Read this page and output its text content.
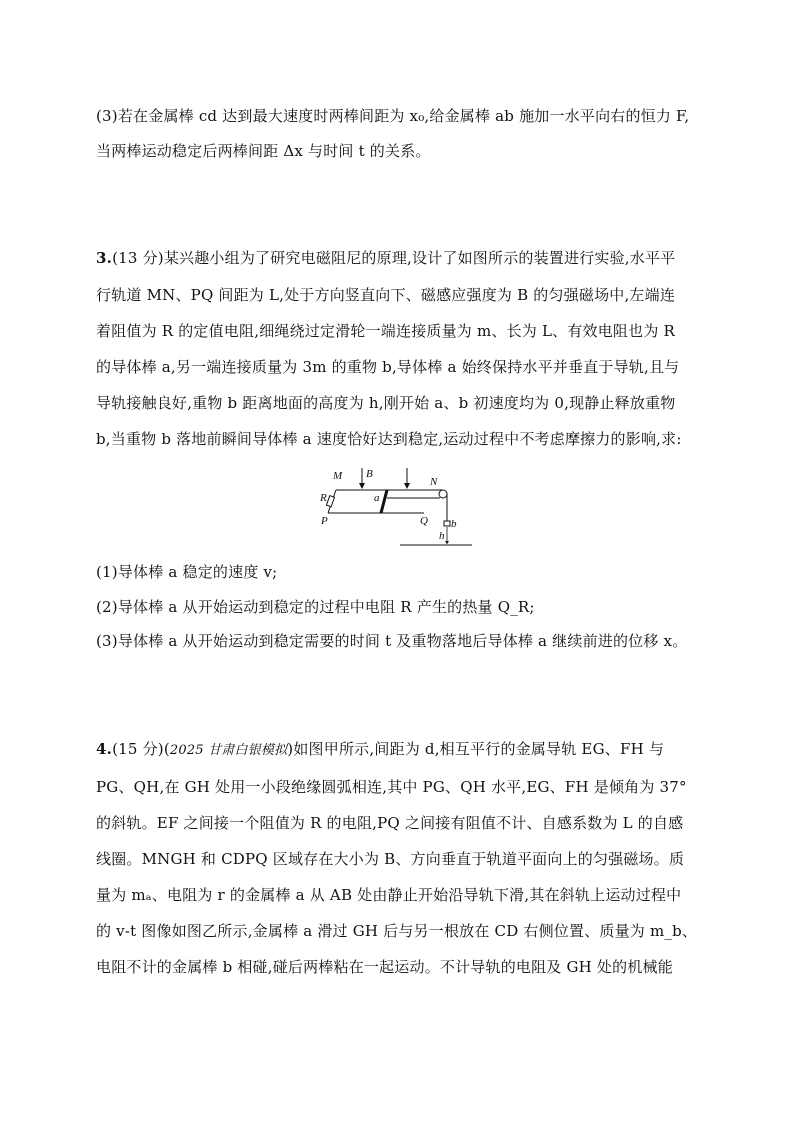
(3)若在金属棒 cd 达到最大速度时两棒间距为 x₀,给金属棒 ab 施加一水平向右的恒力 F,
当两棒运动稳定后两棒间距 Δx 与时间 t 的关系。
3.(13 分)某兴趣小组为了研究电磁阻尼的原理,设计了如图所示的装置进行实验,水平平
行轨道 MN、PQ 间距为 L,处于方向竖直向下、磁感应强度为 B 的匀强磁场中,左端连
着阻值为 R 的定值电阻,细绳绕过定滑轮一端连接质量为 m、长为 L、有效电阻也为 R
的导体棒 a,另一端连接质量为 3m 的重物 b,导体棒 a 始终保持水平并垂直于导轨,且与
导轨接触良好,重物 b 距离地面的高度为 h,刚开始 a、b 初速度均为 0,现静止释放重物
b,当重物 b 落地前瞬间导体棒 a 速度恰好达到稳定,运动过程中不考虑摩擦力的影响,求:
B
M	N
R
P	Q
a
b
h
(1)导体棒 a 稳定的速度 v;
(2)导体棒 a 从开始运动到稳定的过程中电阻 R 产生的热量 Q_R;
(3)导体棒 a 从开始运动到稳定需要的时间 t 及重物落地后导体棒 a 继续前进的位移 x。
4.(15 分)(2025 甘肃白银模拟)如图甲所示,间距为 d,相互平行的金属导轨 EG、FH 与
PG、QH,在 GH 处用一小段绝缘圆弧相连,其中 PG、QH 水平,EG、FH 是倾角为 37°
的斜轨。EF 之间接一个阻值为 R 的电阻,PQ 之间接有阻值不计、自感系数为 L 的自感
线圈。MNGH 和 CDPQ 区域存在大小为 B、方向垂直于轨道平面向上的匀强磁场。质
量为 mₐ、电阻为 r 的金属棒 a 从 AB 处由静止开始沿导轨下滑,其在斜轨上运动过程中
的 v-t 图像如图乙所示,金属棒 a 滑过 GH 后与另一根放在 CD 右侧位置、质量为 m_b、
电阻不计的金属棒 b 相碰,碰后两棒粘在一起运动。不计导轨的电阻及 GH 处的机械能
